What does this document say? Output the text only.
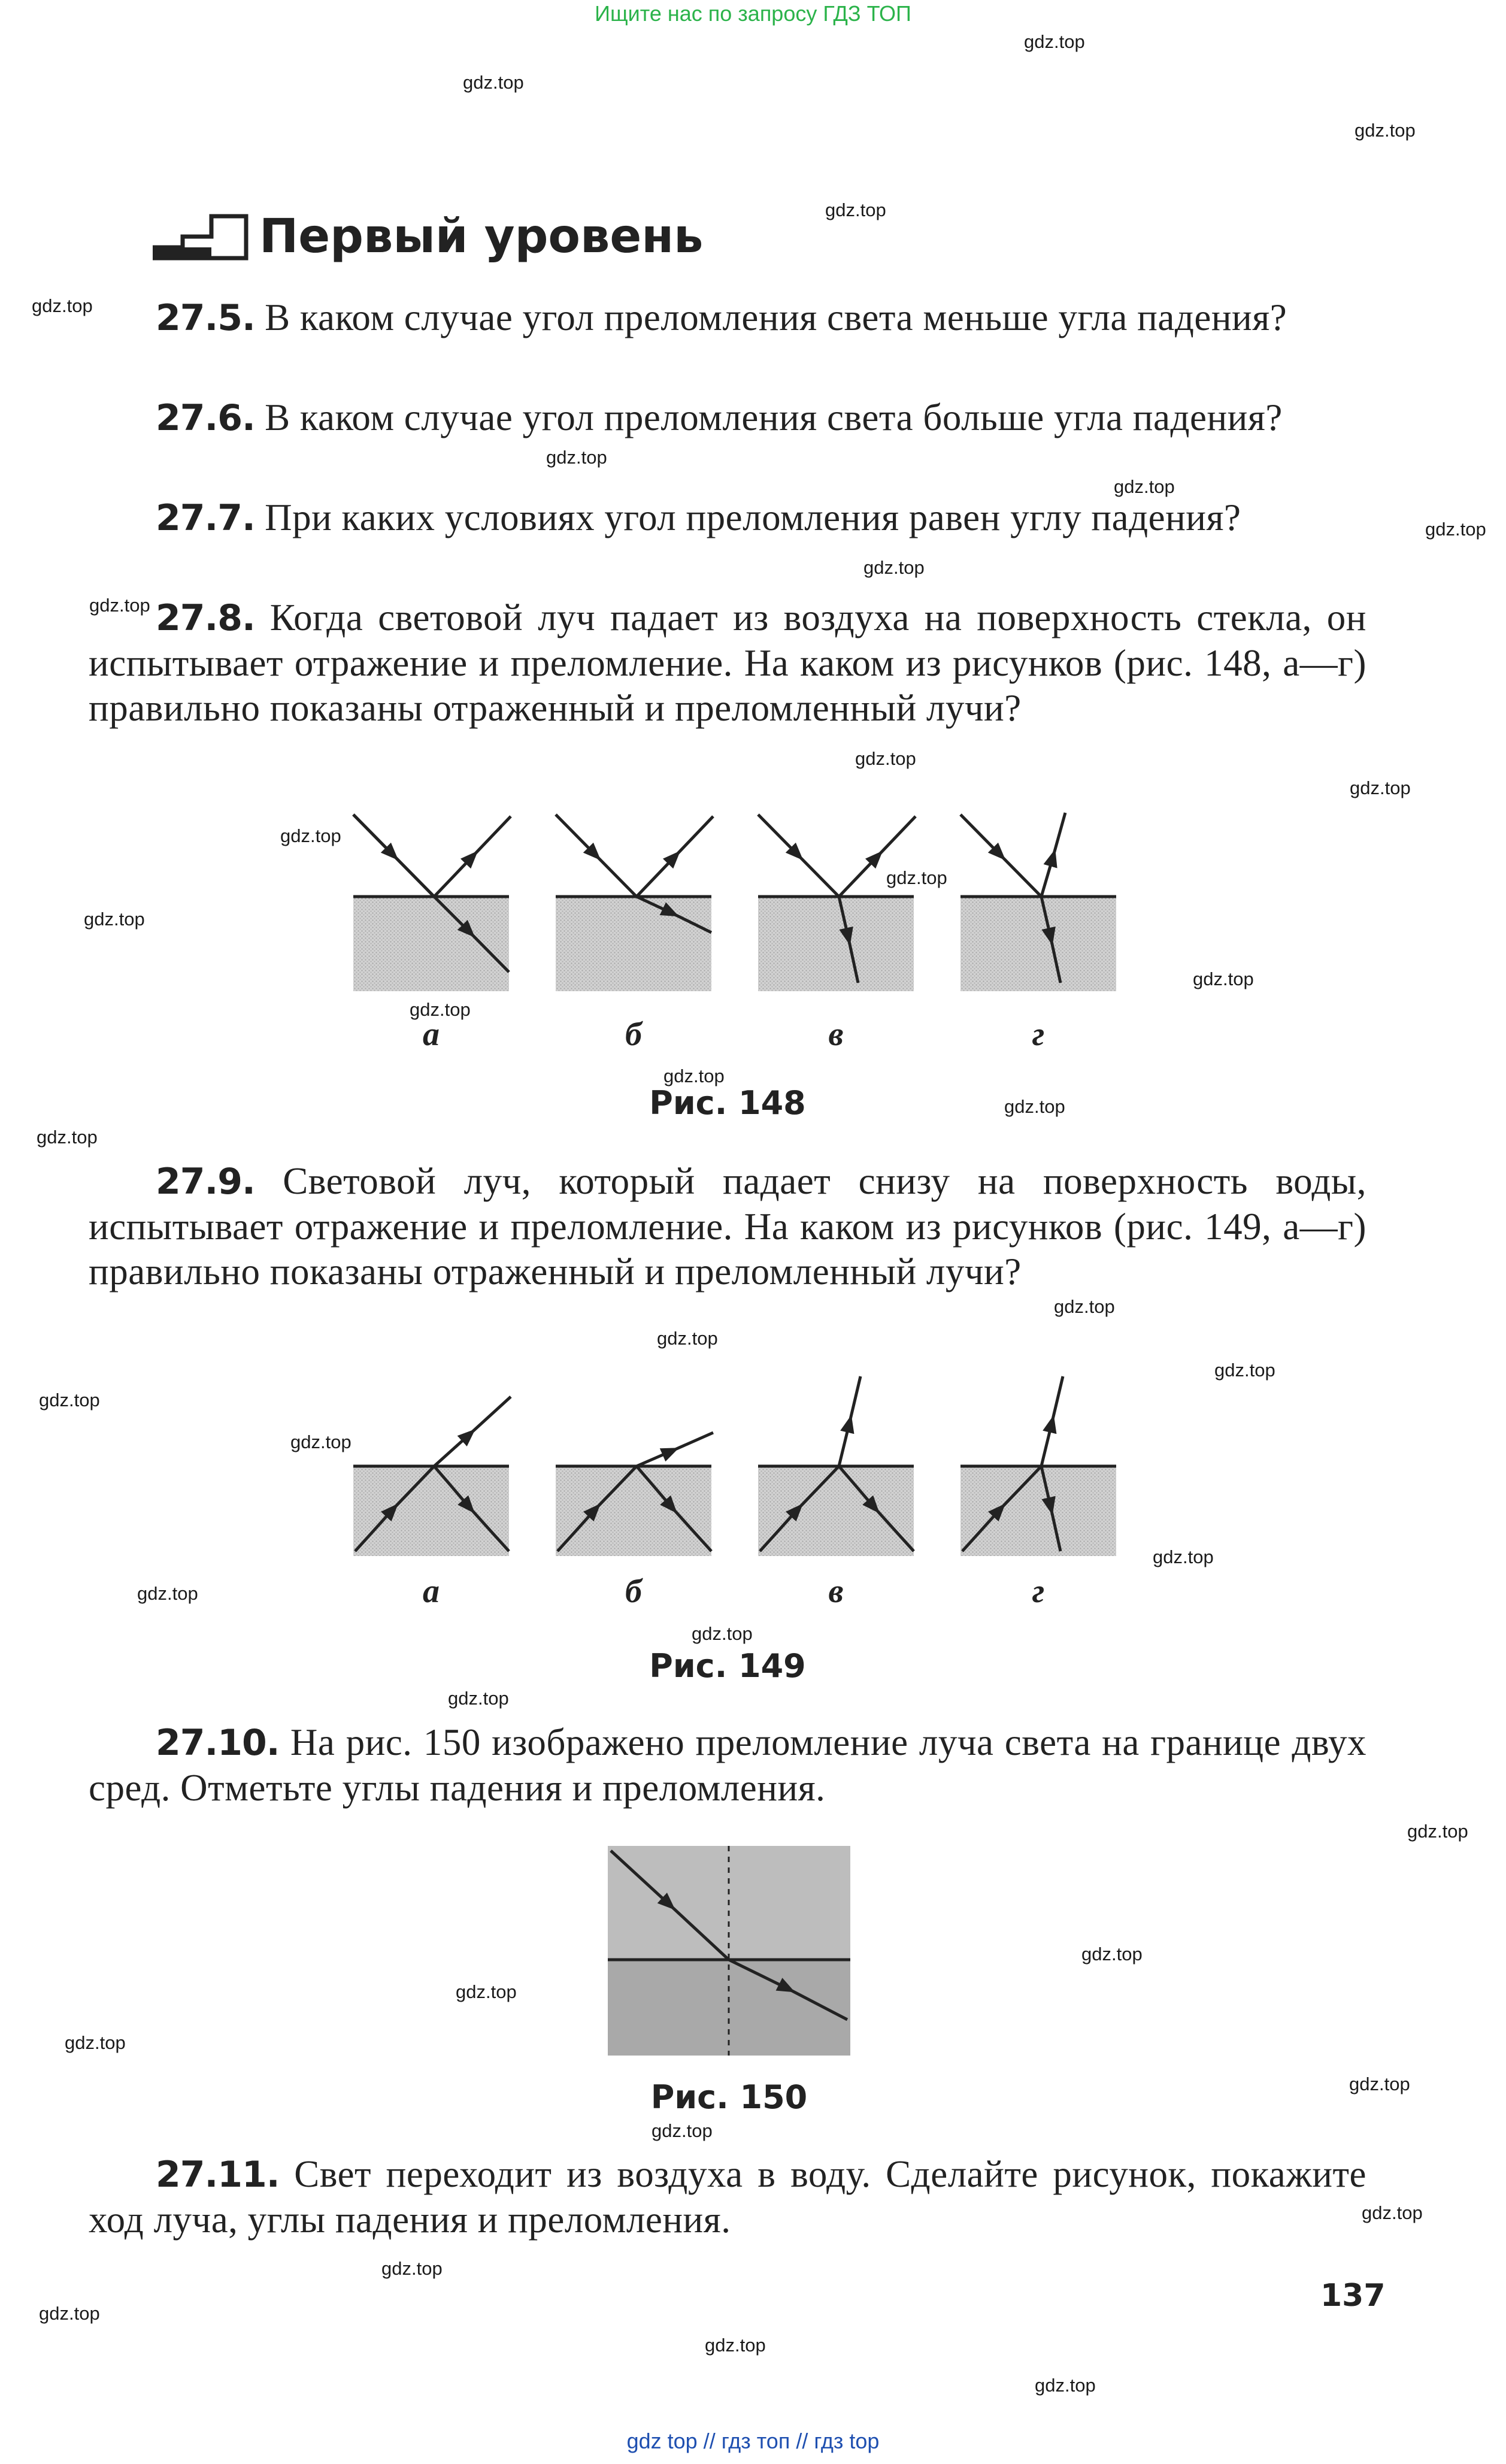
Ищите нас по запросу ГДЗ ТОП
gdz.top
gdz.top
gdz.top
gdz.top
gdz.top
gdz.top
gdz.top
gdz.top
gdz.top
gdz.top
gdz.top
gdz.top
gdz.top
gdz.top
gdz.top
gdz.top
gdz.top
gdz.top
gdz.top
gdz.top
gdz.top
gdz.top
gdz.top
gdz.top
gdz.top
gdz.top
gdz.top
gdz.top
gdz.top
gdz.top
gdz.top
gdz.top
gdz.top
gdz.top
gdz.top
gdz.top
gdz.top
gdz.top
gdz.top
gdz.top
Первый уровень
27.5. В каком случае угол преломления света меньше угла падения?
27.6. В каком случае угол преломления света больше угла падения?
27.7. При каких условиях угол преломления равен углу падения?
27.8. Когда световой луч падает из воздуха на поверхность стекла, он испытывает отражение и преломление. На каком из рисунков (рис. 148, а—г) правильно показаны отраженный и преломленный лучи?
а	б	в	г
Рис. 148
27.9. Световой луч, который падает снизу на поверхность воды, испытывает отражение и преломление. На каком из рисунков (рис. 149, а—г) правильно показаны отраженный и преломленный лучи?
а	б	в	г
Рис. 149
27.10. На рис. 150 изображено преломление луча света на границе двух сред. Отметьте углы падения и преломления.
Рис. 150
27.11. Свет переходит из воздуха в воду. Сделайте рисунок, покажите ход луча, углы падения и преломления.
137
gdz top // гдз топ // гдз top
